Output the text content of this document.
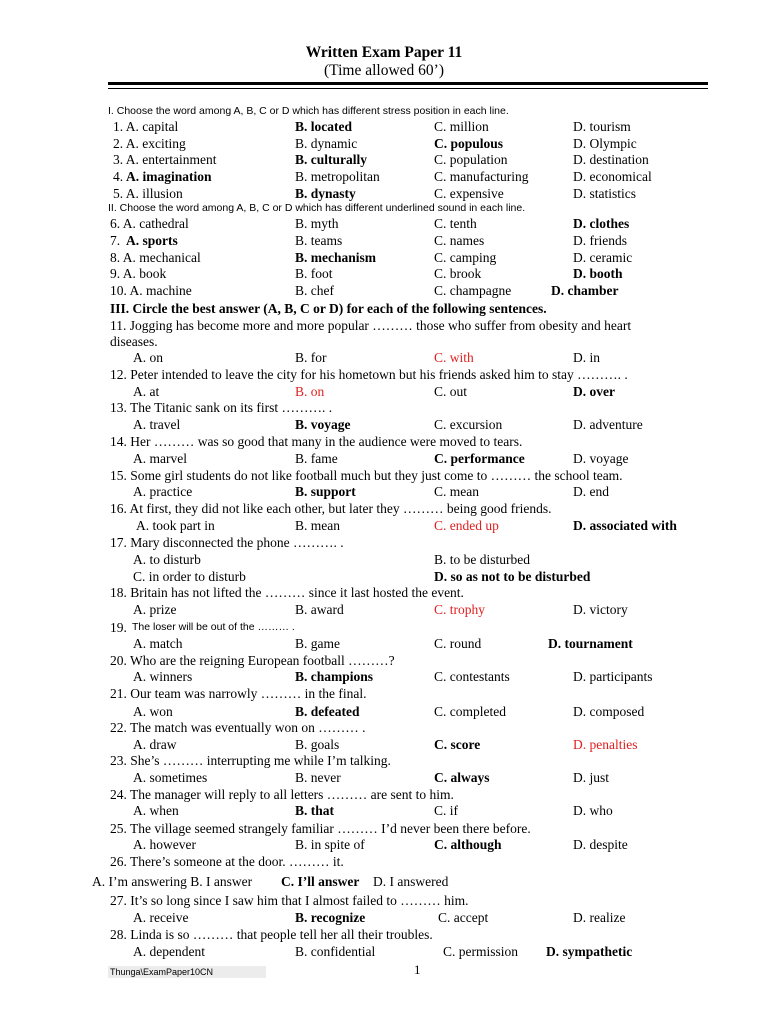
Written Exam Paper 11
(Time allowed 60’)
I. Choose the word among A, B, C or D which has different stress position in each line.
1. A. capital	B. located	C. million	D. tourism
2. A. exciting	B. dynamic	C. populous	D. Olympic
3. A. entertainment	B. culturally	C. population	D. destination
4. A. imagination	B. metropolitan	C. manufacturing	D. economical
5. A. illusion	B. dynasty	C. expensive	D. statistics
II. Choose the word among A, B, C or D which has different underlined sound in each line.
6. A. cathedral	B. myth	C. tenth	D. clothes
7. A. sports	B. teams	C. names	D. friends
8. A. mechanical	B. mechanism	C. camping	D. ceramic
9. A. book	B. foot	C. brook	D. booth
10. A. machine	B. chef	C. champagne	D. chamber
III. Circle the best answer (A, B, C or D) for each of the following sentences.
11. Jogging has become more and more popular ……… those who suffer from obesity and heart
diseases.
A. on	B. for	C. with	D. in
12. Peter intended to leave the city for his hometown but his friends asked him to stay ………. .
A. at	B. on	C. out	D. over
13. The Titanic sank on its first ………. .
A. travel	B. voyage	C. excursion	D. adventure
14. Her ……… was so good that many in the audience were moved to tears.
A. marvel	B. fame	C. performance	D. voyage
15. Some girl students do not like football much but they just come to ……… the school team.
A. practice	B. support	C. mean	D. end
16. At first, they did not like each other, but later they ……… being good friends.
A. took part in	B. mean	C. ended up	D. associated with
17. Mary disconnected the phone ………. .
A. to disturb	B. to be disturbed
C. in order to disturb	D. so as not to be disturbed
18. Britain has not lifted the ……… since it last hosted the event.
A. prize	B. award	C. trophy	D. victory
19. The loser will be out of the ……… .
A. match	B. game	C. round	D. tournament
20. Who are the reigning European football ………?
A. winners	B. champions	C. contestants	D. participants
21. Our team was narrowly ……… in the final.
A. won	B. defeated	C. completed	D. composed
22. The match was eventually won on ……… .
A. draw	B. goals	C. score	D. penalties
23. She’s ……… interrupting me while I’m talking.
A. sometimes	B. never	C. always	D. just
24. The manager will reply to all letters ……… are sent to him.
A. when	B. that	C. if	D. who
25. The village seemed strangely familiar ……… I’d never been there before.
A. however	B. in spite of	C. although	D. despite
26. There’s someone at the door. ……… it.
A. I’m answering B. I answer C. I’ll answer D. I answered
27. It’s so long since I saw him that I almost failed to ……… him.
A. receive	B. recognize	C. accept	D. realize
28. Linda is so ……… that people tell her all their troubles.
A. dependent	B. confidential	C. permission D. sympathetic
Thunga\ExamPaper10CN	1
